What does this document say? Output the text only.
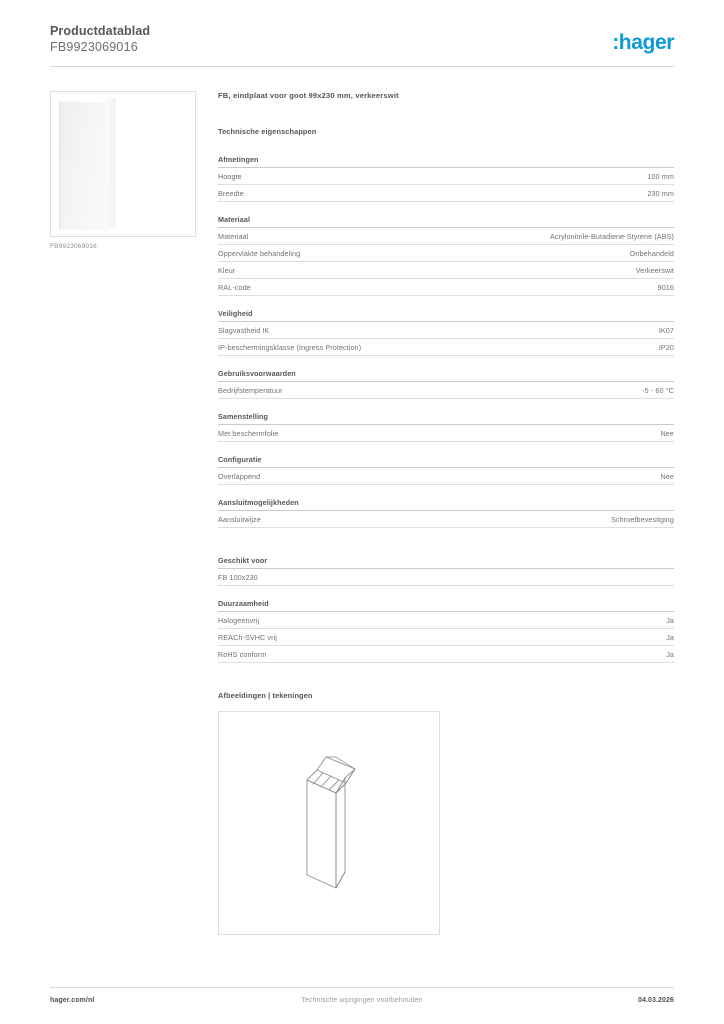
Productdatablad
FB9923069016	:hager
FB9923069016
FB, eindplaat voor goot 99x230 mm, verkeerswit
Technische eigenschappen
Afmetingen
Hoogte	100 mm
Breedte	230 mm
Materiaal
Materiaal	Acrylonitrile-Butadiene-Styrene (ABS)
Oppervlakte behandeling	Onbehandeld
Kleur	Verkeerswit
RAL-code	9016
Veiligheid
Slagvastheid IK	IK07
IP-beschermingsklasse (Ingress Protection)	IP20
Gebruiksvoorwaarden
Bedrijfstemperatuur	-5 - 60 °C
Samenstelling
Met beschermfolie	Nee
Configuratie
Overlappend	Nee
Aansluitmogelijkheden
Aansluitwijze	Schroefbevestiging
Geschikt voor
FB 100x230
Duurzaamheid
Halogeenvrij	Ja
REACh-SVHC vrij	Ja
RoHS conform	Ja
Afbeeldingen | tekeningen
hager.com/nl	Technische wijzigingen voorbehouden	04.03.2026
